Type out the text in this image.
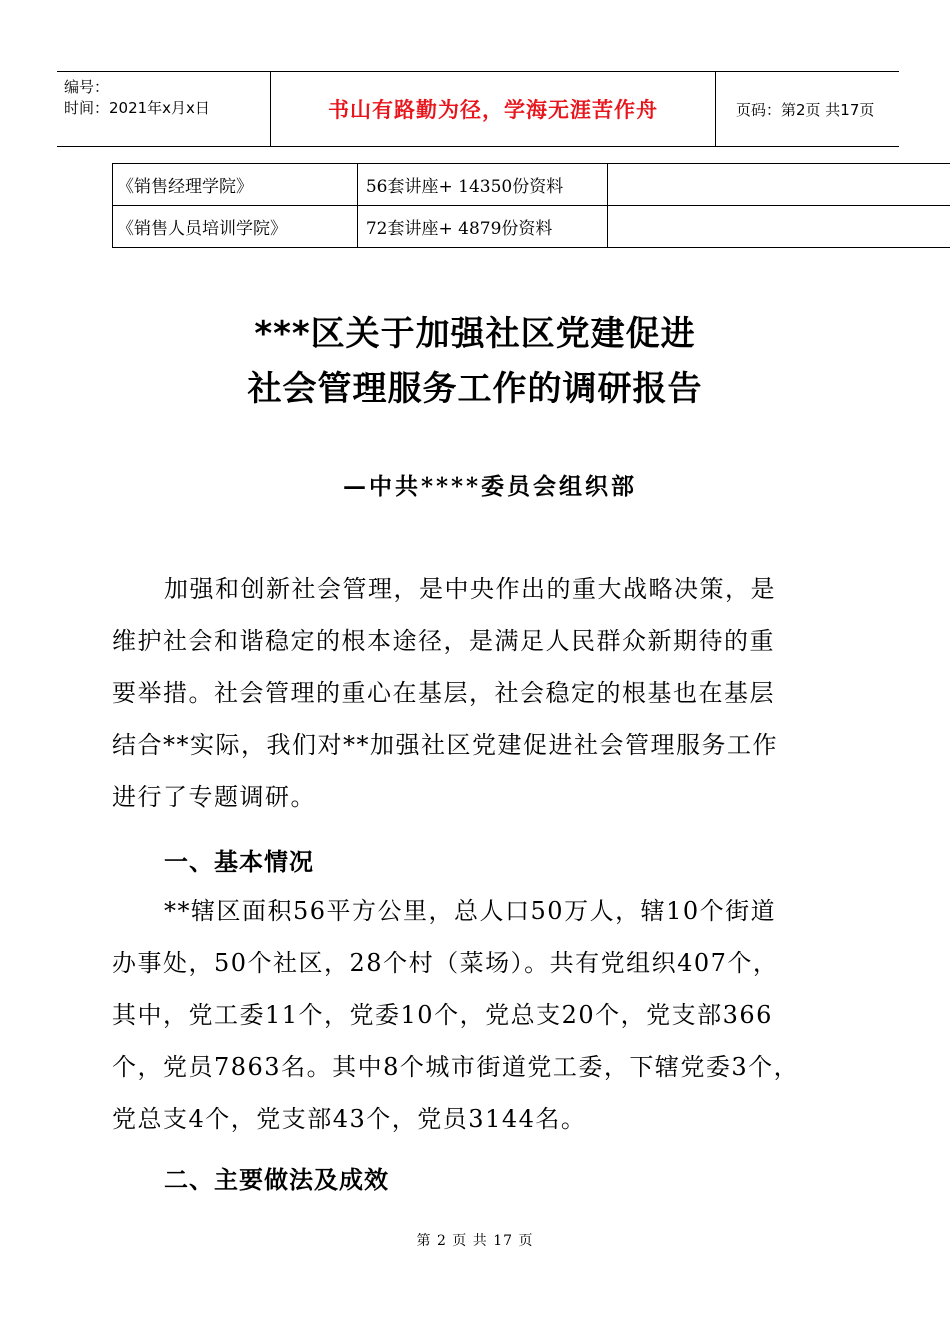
编号：
时间：2021年x月x日	书山有路勤为径，学海无涯苦作舟	页码：第2页 共17页
《销售经理学院》	56套讲座+ 14350份资料	
《销售人员培训学院》	72套讲座+ 4879份资料	
***区关于加强社区党建促进
社会管理服务工作的调研报告
—中共****委员会组织部
加强和创新社会管理，是中央作出的重大战略决策，是
维护社会和谐稳定的根本途径，是满足人民群众新期待的重
要举措。社会管理的重心在基层，社会稳定的根基也在基层
结合**实际，我们对**加强社区党建促进社会管理服务工作
进行了专题调研。
一、基本情况
**辖区面积56平方公里，总人口50万人，辖10个街道
办事处，50个社区，28个村（菜场）。共有党组织407个，
其中，党工委11个，党委10个，党总支20个，党支部366
个，党员7863名。其中8个城市街道党工委，下辖党委3个，
党总支4个，党支部43个，党员3144名。
二、主要做法及成效
第 2 页 共 17 页
